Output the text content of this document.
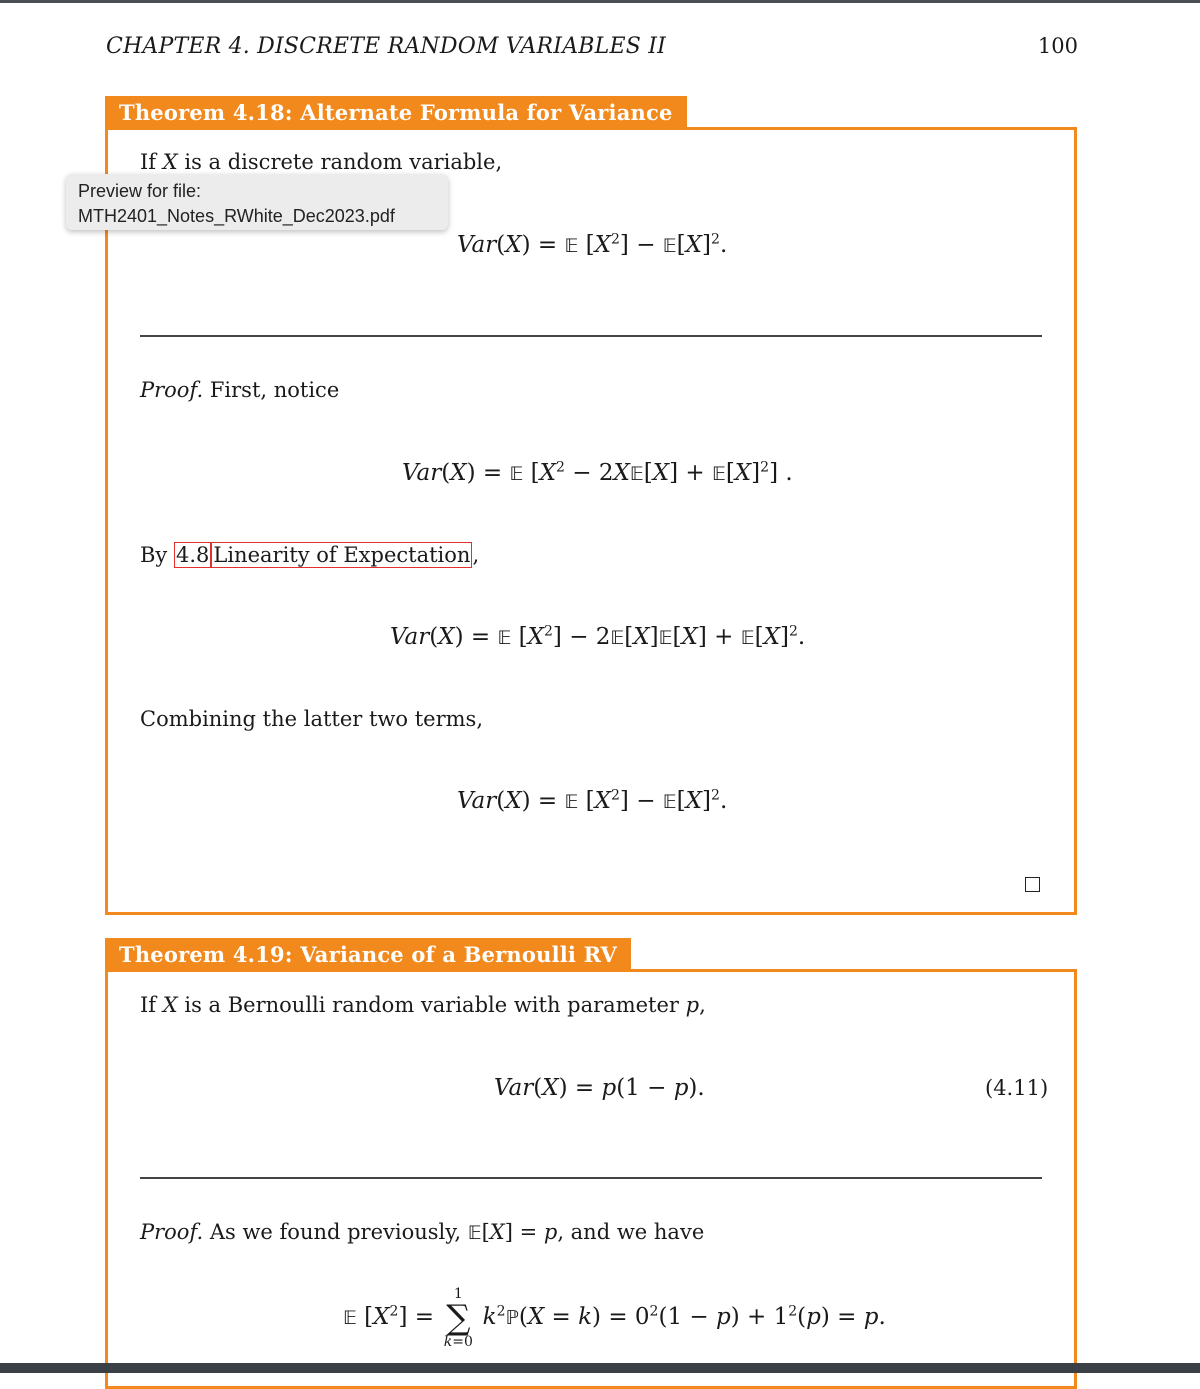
CHAPTER 4. DISCRETE RANDOM VARIABLES II	100
Theorem 4.18: Alternate Formula for Variance
If X is a discrete random variable,
Var(X) = 𝔼 $[X^2]$ − $𝔼[X]^2$.
Proof. First, notice
Var(X) = 𝔼 [$X^2$ − 2X𝔼[X] + $𝔼[X]^2$] .
By 4.8 Linearity of Expectation,
Var(X) = 𝔼 $[X^2]$ − 2𝔼[X]𝔼[X] + $𝔼[X]^2$.
Combining the latter two terms,
Var(X) = 𝔼 $[X^2]$ − $𝔼[X]^2$.
Theorem 4.19: Variance of a Bernoulli RV
If X is a Bernoulli random variable with parameter p,
Var(X) = p(1 − p).	(4.11)
Proof. As we found previously, 𝔼[X] = p, and we have
𝔼 $[X^2]$ =
1
∑
k=0
$k^2ℙ(X = k) = 0^2(1 - p) + 1^2(p) = p$.
Preview for file:
MTH2401_Notes_RWhite_Dec2023.pdf
